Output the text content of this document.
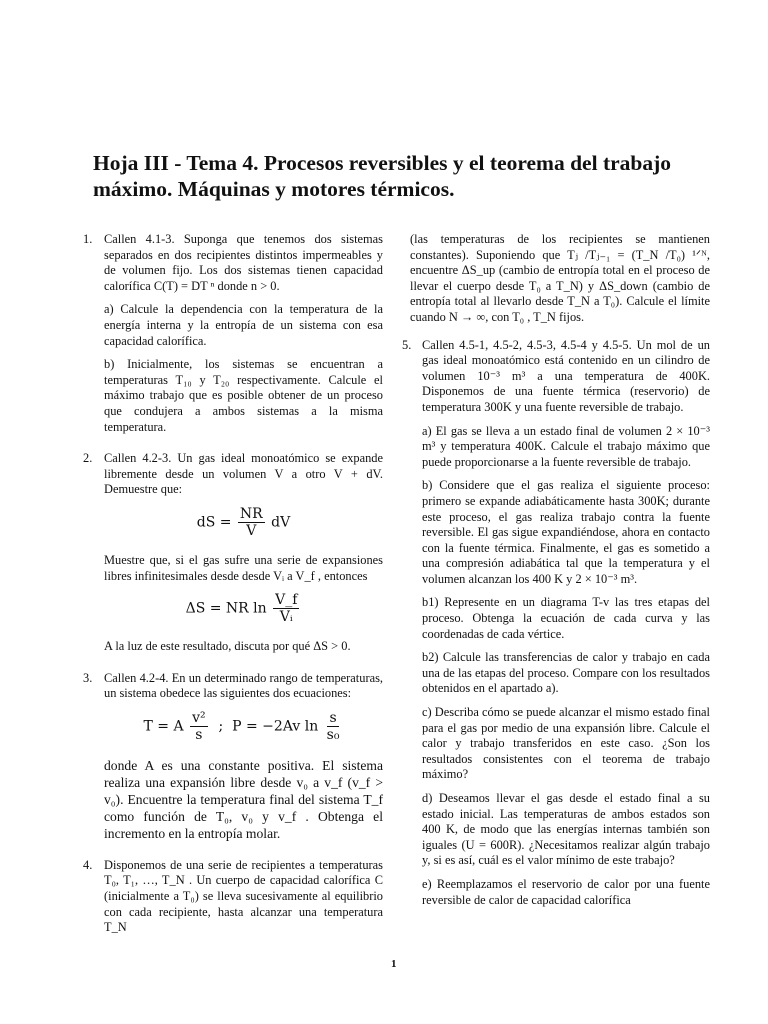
Hoja III - Tema 4. Procesos reversibles y el teorema del trabajo máximo. Máquinas y motores térmicos.
1. Callen 4.1-3. Suponga que tenemos dos sistemas separados en dos recipientes distintos impermeables y de volumen fijo. Los dos sistemas tienen capacidad calorífica C(T) = DT ⁿ donde n > 0.

a) Calcule la dependencia con la temperatura de la energía interna y la entropía de un sistema con esa capacidad calorífica.

b) Inicialmente, los sistemas se encuentran a temperaturas T₁₀ y T₂₀ respectivamente. Calcule el máximo trabajo que es posible obtener de un proceso que condujera a ambos sistemas a la misma temperatura.

2. Callen 4.2-3. Un gas ideal monoatómico se expande libremente desde un volumen V a otro V + dV. Demuestre que:

dS = $\frac{NR}{V}$ dV

Muestre que, si el gas sufre una serie de expansiones libres infinitesimales desde desde Vᵢ a V_f , entonces

ΔS = NR $\ln \frac{V\_f}{\text{Vᵢ}}$

A la luz de este resultado, discuta por qué ΔS > 0.

3. Callen 4.2-4. En un determinado rango de temperaturas, un sistema obedece las siguientes dos ecuaciones:

T = A $\frac{\text{v²}}{s}$ ; P = −2Av $\ln \frac{s}{\text{s₀}}$

donde A es una constante positiva. El sistema realiza una expansión libre desde v₀ a v_f (v_f > v₀). Encuentre la temperatura final del sistema T_f como función de T₀, v₀ y v_f . Obtenga el incremento en la entropía molar.

4. Disponemos de una serie de recipientes a temperaturas T₀, T₁, …, T_N . Un cuerpo de capacidad calorífica C (inicialmente a T₀) se lleva sucesivamente al equilibrio con cada recipiente, hasta alcanzar una temperatura T_N

(las temperaturas de los recipientes se mantienen constantes). Suponiendo que Tⱼ /Tⱼ₋₁ = (T_N /T₀) ¹ᐟᴺ, encuentre ΔS_up (cambio de entropía total en el proceso de llevar el cuerpo desde T₀ a T_N) y ΔS_down (cambio de entropía total al llevarlo desde T_N a T₀). Calcule el límite cuando N → ∞, con T₀ , T_N fijos.

5. Callen 4.5-1, 4.5-2, 4.5-3, 4.5-4 y 4.5-5. Un mol de un gas ideal monoatómico está contenido en un cilindro de volumen 10⁻³ m³ a una temperatura de 400K. Disponemos de una fuente térmica (reservorio) de temperatura 300K y una fuente reversible de trabajo.

a) El gas se lleva a un estado final de volumen 2 × 10⁻³ m³ y temperatura 400K. Calcule el trabajo máximo que puede proporcionarse a la fuente reversible de trabajo.

b) Considere que el gas realiza el siguiente proceso: primero se expande adiabáticamente hasta 300K; durante este proceso, el gas realiza trabajo contra la fuente reversible. El gas sigue expandiéndose, ahora en contacto con la fuente térmica. Finalmente, el gas es sometido a una compresión adiabática tal que la temperatura y el volumen alcanzan los 400 K y 2 × 10⁻³ m³.

b1) Represente en un diagrama T-v las tres etapas del proceso. Obtenga la ecuación de cada curva y las coordenadas de cada vértice.

b2) Calcule las transferencias de calor y trabajo en cada una de las etapas del proceso. Compare con los resultados obtenidos en el apartado a).

c) Describa cómo se puede alcanzar el mismo estado final para el gas por medio de una expansión libre. Calcule el calor y trabajo transferidos en este caso. ¿Son los resultados consistentes con el teorema de trabajo máximo?

d) Deseamos llevar el gas desde el estado final a su estado inicial. Las temperaturas de ambos estados son 400 K, de modo que las energías internas también son iguales (U = 600R). ¿Necesitamos realizar algún trabajo y, si es así, cuál es el valor mínimo de este trabajo?

e) Reemplazamos el reservorio de calor por una fuente reversible de calor de capacidad calorífica

1
